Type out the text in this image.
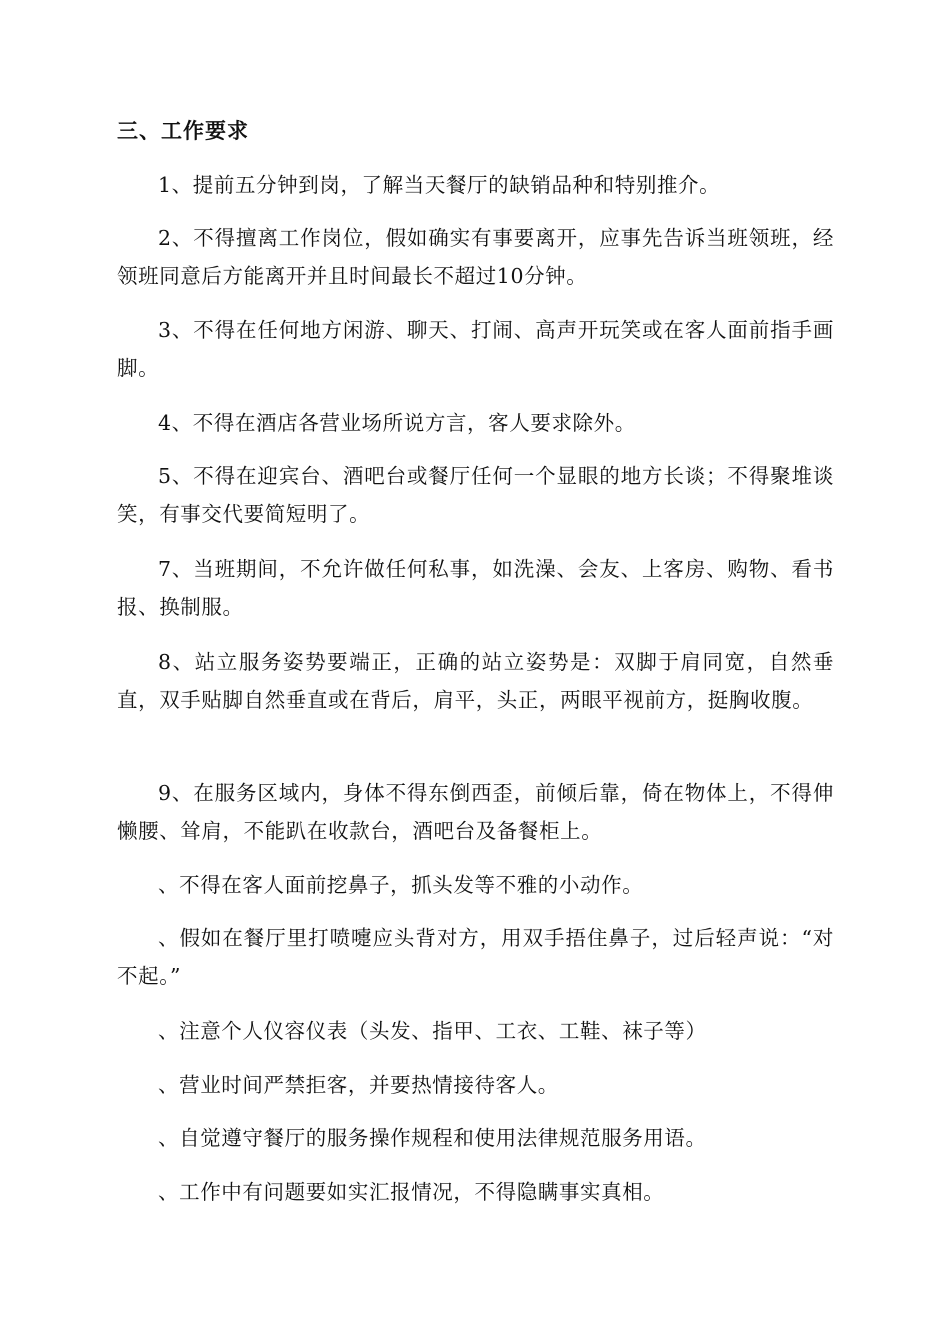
三、工作要求
1、提前五分钟到岗，了解当天餐厅的缺销品种和特别推介。
2、不得擅离工作岗位，假如确实有事要离开，应事先告诉当班领班，经领班同意后方能离开并且时间最长不超过10分钟。
3、不得在任何地方闲游、聊天、打闹、高声开玩笑或在客人面前指手画脚。
4、不得在酒店各营业场所说方言，客人要求除外。
5、不得在迎宾台、酒吧台或餐厅任何一个显眼的地方长谈；不得聚堆谈笑，有事交代要简短明了。
7、当班期间，不允许做任何私事，如洗澡、会友、上客房、购物、看书报、换制服。
8、站立服务姿势要端正，正确的站立姿势是：双脚于肩同宽，自然垂直，双手贴脚自然垂直或在背后，肩平，头正，两眼平视前方，挺胸收腹。
9、在服务区域内，身体不得东倒西歪，前倾后靠，倚在物体上，不得伸懒腰、耸肩，不能趴在收款台，酒吧台及备餐柜上。
、不得在客人面前挖鼻子，抓头发等不雅的小动作。
、假如在餐厅里打喷嚏应头背对方，用双手捂住鼻子，过后轻声说：“对不起。”
、注意个人仪容仪表（头发、指甲、工衣、工鞋、袜子等）
、营业时间严禁拒客，并要热情接待客人。
、自觉遵守餐厅的服务操作规程和使用法律规范服务用语。
、工作中有问题要如实汇报情况，不得隐瞒事实真相。
